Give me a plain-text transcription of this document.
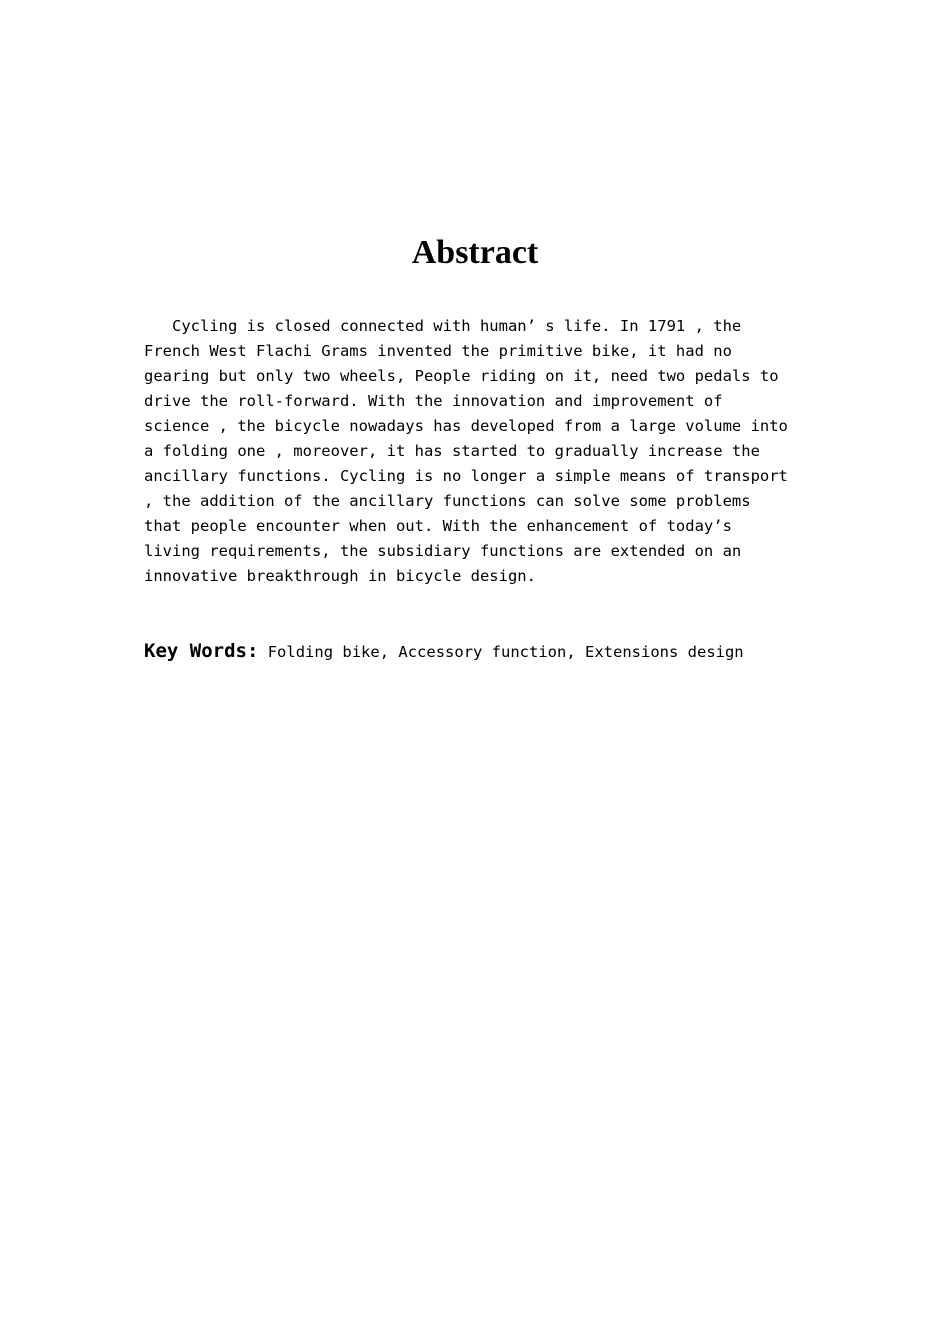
Abstract
Cycling is closed connected with human’ s life. In 1791 , the
French West Flachi Grams invented the primitive bike, it had no
gearing but only two wheels, People riding on it, need two pedals to
drive the roll-forward. With the innovation and improvement of
science , the bicycle nowadays has developed from a large volume into
a folding one , moreover, it has started to gradually increase the
ancillary functions. Cycling is no longer a simple means of transport
, the addition of the ancillary functions can solve some problems
that people encounter when out. With the enhancement of today’s
living requirements, the subsidiary functions are extended on an
innovative breakthrough in bicycle design.

Key Words: Folding bike, Accessory function, Extensions design
